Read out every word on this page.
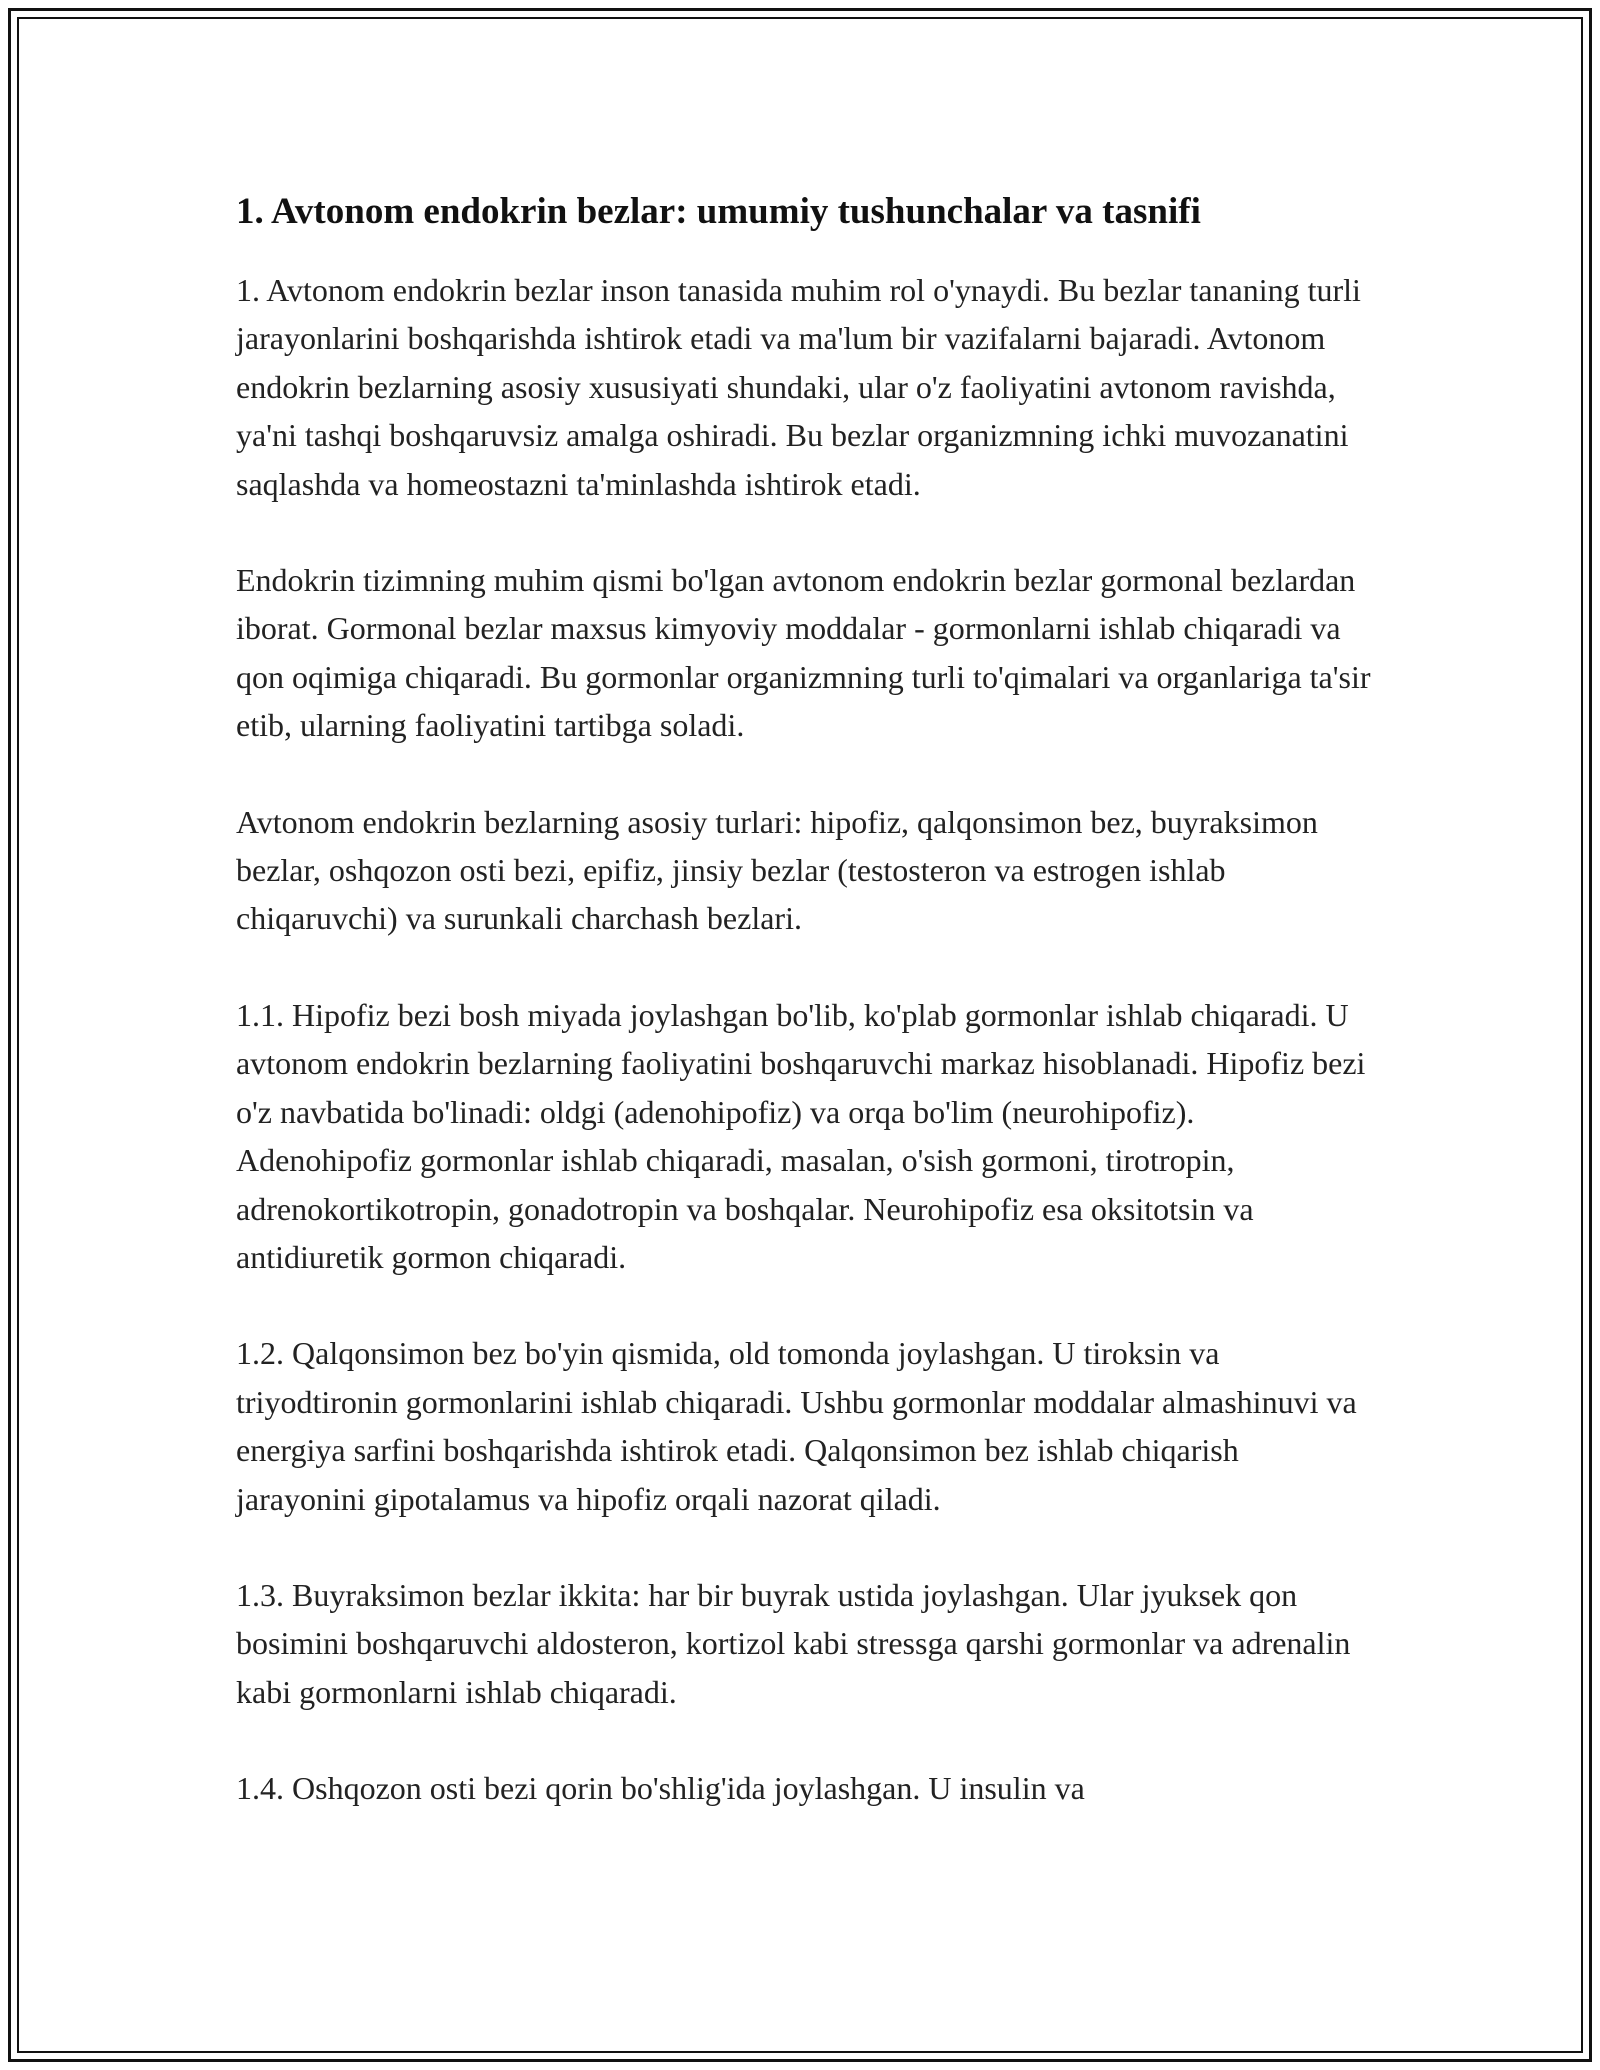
1. Avtonom endokrin bezlar: umumiy tushunchalar va tasnifi

1. Avtonom endokrin bezlar inson tanasida muhim rol o'ynaydi. Bu bezlar tananing turli jarayonlarini boshqarishda ishtirok etadi va ma'lum bir vazifalarni bajaradi. Avtonom endokrin bezlarning asosiy xususiyati shundaki, ular o'z faoliyatini avtonom ravishda, ya'ni tashqi boshqaruvsiz amalga oshiradi. Bu bezlar organizmning ichki muvozanatini saqlashda va homeostazni ta'minlashda ishtirok etadi.

Endokrin tizimning muhim qismi bo'lgan avtonom endokrin bezlar gormonal bezlardan iborat. Gormonal bezlar maxsus kimyoviy moddalar - gormonlarni ishlab chiqaradi va qon oqimiga chiqaradi. Bu gormonlar organizmning turli to'qimalari va organlariga ta'sir etib, ularning faoliyatini tartibga soladi.

Avtonom endokrin bezlarning asosiy turlari: hipofiz, qalqonsimon bez, buyraksimon bezlar, oshqozon osti bezi, epifiz, jinsiy bezlar (testosteron va estrogen ishlab chiqaruvchi) va surunkali charchash bezlari.

1.1. Hipofiz bezi bosh miyada joylashgan bo'lib, ko'plab gormonlar ishlab chiqaradi. U avtonom endokrin bezlarning faoliyatini boshqaruvchi markaz hisoblanadi. Hipofiz bezi o'z navbatida bo'linadi: oldgi (adenohipofiz) va orqa bo'lim (neurohipofiz). Adenohipofiz gormonlar ishlab chiqaradi, masalan, o'sish gormoni, tirotropin, adrenokortikotropin, gonadotropin va boshqalar. Neurohipofiz esa oksitotsin va antidiuretik gormon chiqaradi.

1.2. Qalqonsimon bez bo'yin qismida, old tomonda joylashgan. U tiroksin va triyodtironin gormonlarini ishlab chiqaradi. Ushbu gormonlar moddalar almashinuvi va energiya sarfini boshqarishda ishtirok etadi. Qalqonsimon bez ishlab chiqarish jarayonini gipotalamus va hipofiz orqali nazorat qiladi.

1.3. Buyraksimon bezlar ikkita: har bir buyrak ustida joylashgan. Ular jyuksek qon bosimini boshqaruvchi aldosteron, kortizol kabi stressga qarshi gormonlar va adrenalin kabi gormonlarni ishlab chiqaradi.

1.4. Oshqozon osti bezi qorin bo'shlig'ida joylashgan. U insulin va
